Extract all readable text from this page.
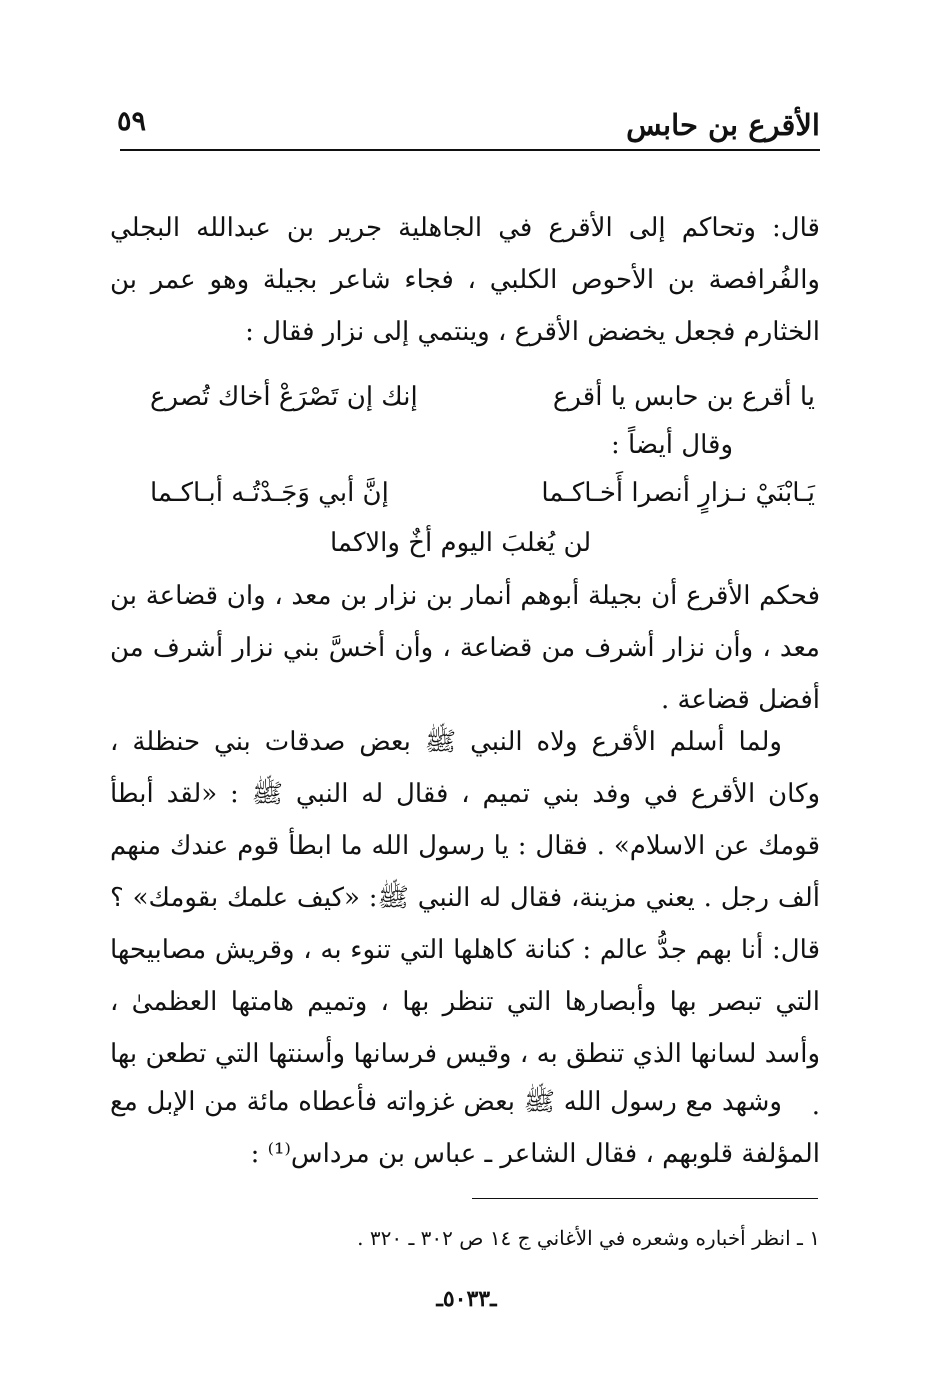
الأقرع بن حابس
٥٩

قال: وتحاكم إلى الأقرع في الجاهلية جرير بن عبدالله البجلي والفُرافصة بن الأحوص الكلبي ، فجاء شاعر بجيلة وهو عمر بن الخثارم فجعل يخضض الأقرع ، وينتمي إلى نزار فقال :

يا أقرع بن حابس يا أقرع
إنك إن تَصْرَعْ أخاك تُصرع
وقال أيضاً :
يَـابْنَيْ نـزارٍ أنصرا أَخـاكـما
إنَّ أبي وَجَـدْتُـه أبـاكـما
لن يُغلبَ اليوم أخٌ والاكما

فحكم الأقرع أن بجيلة أبوهم أنمار بن نزار بن معد ، وان قضاعة بن معد ، وأن نزار أشرف من قضاعة ، وأن أخسَّ بني نزار أشرف من أفضل قضاعة .

ولما أسلم الأقرع ولاه النبي ﷺ بعض صدقات بني حنظلة ، وكان الأقرع في وفد بني تميم ، فقال له النبي ﷺ : «لقد أبطأ قومك عن الاسلام» . فقال : يا رسول الله ما ابطأ قوم عندك منهم ألف رجل . يعني مزينة، فقال له النبي ﷺ: «كيف علمك بقومك» ؟ قال: أنا بهم جدُّ عالم : كنانة كاهلها التي تنوء به ، وقريش مصابيحها التي تبصر بها وأبصارها التي تنظر بها ، وتميم هامتها العظمىٰ ، وأسد لسانها الذي تنطق به ، وقيس فرسانها وأسنتها التي تطعن بها .

وشهد مع رسول الله ﷺ بعض غزواته فأعطاه مائة من الإبل مع المؤلفة قلوبهم ، فقال الشاعر ـ عباس بن مرداس⁽¹⁾ :

١ ـ انظر أخباره وشعره في الأغاني ج ١٤ ص ٣٠٢ ـ ٣٢٠ .
ـ٥٠٣٣ـ
